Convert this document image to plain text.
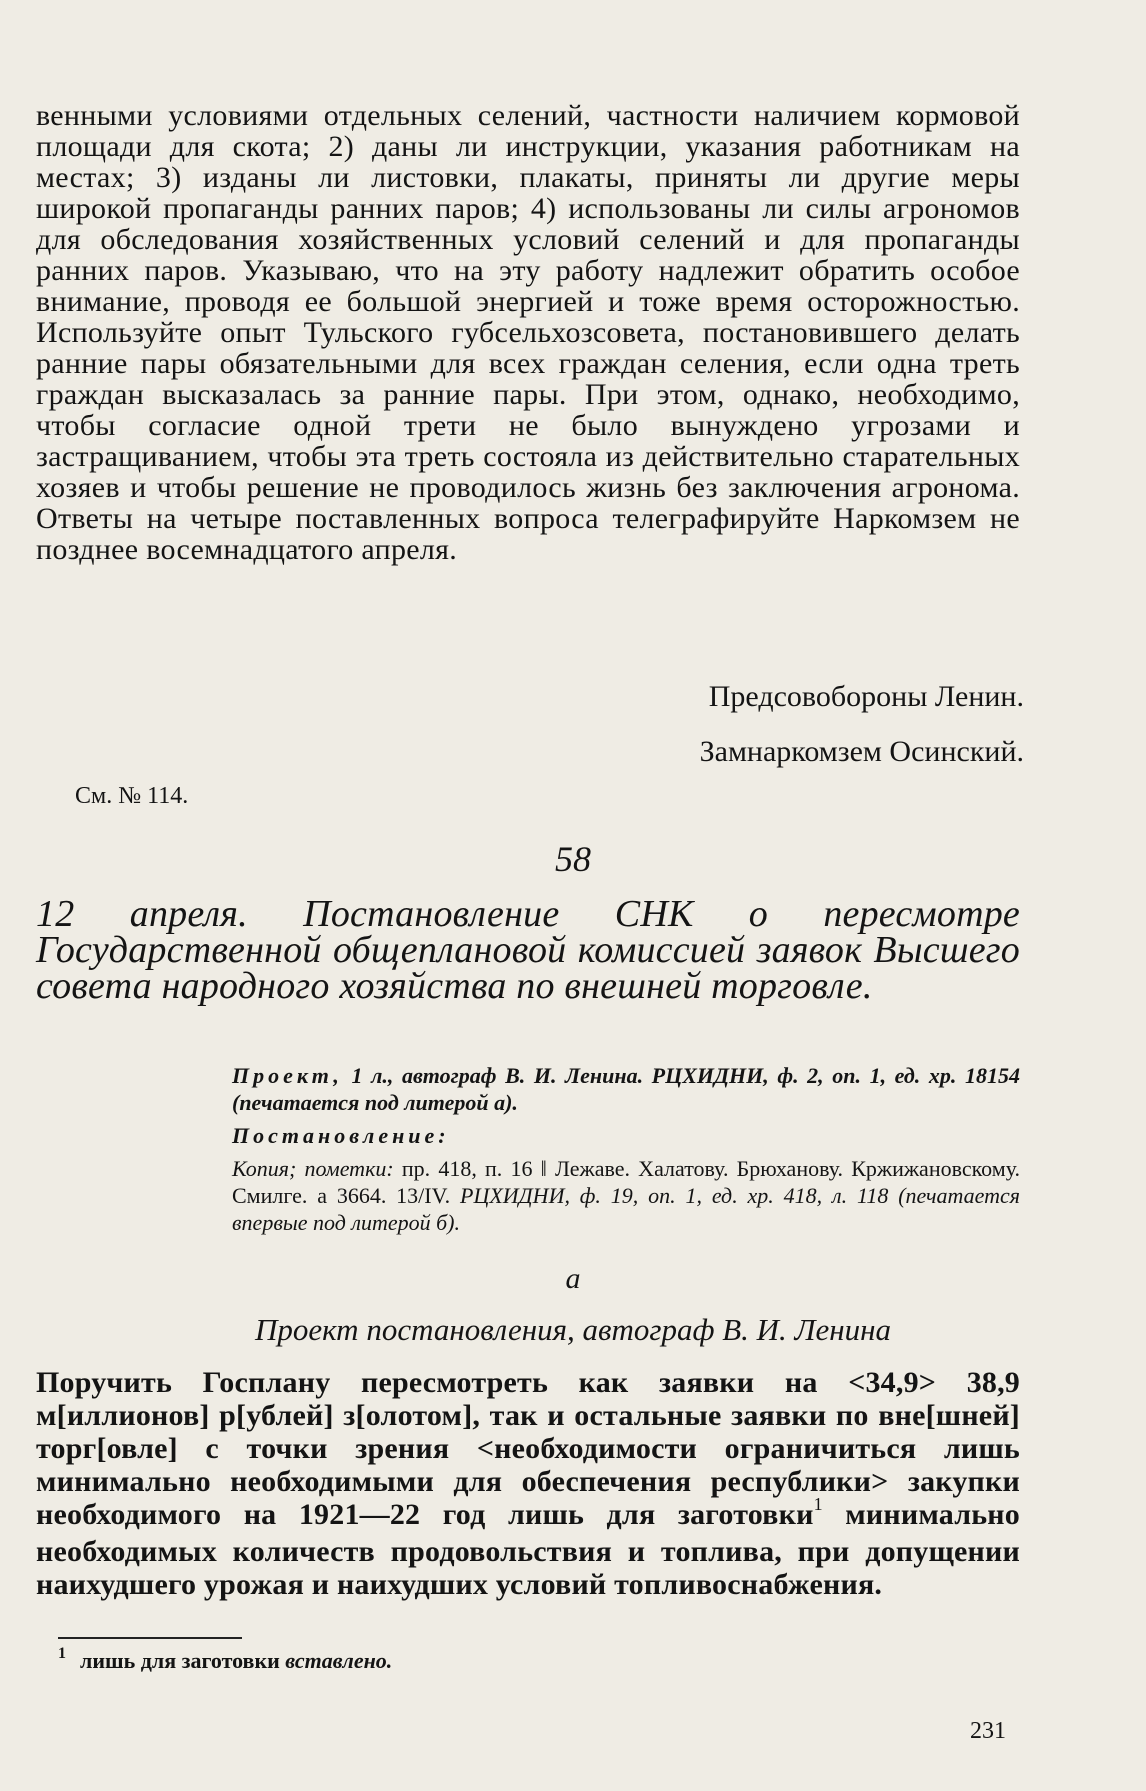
венными условиями отдельных селений, частности наличием кормовой площади для скота; 2) даны ли инструкции, указания работникам на местах; 3) изданы ли листовки, плакаты, приняты ли другие меры широкой пропаганды ранних паров; 4) использованы ли силы агрономов для обследования хозяйственных условий селений и для пропаганды ранних паров. Указываю, что на эту работу надлежит обратить особое внимание, проводя ее большой энергией и тоже время осторожностью. Используйте опыт Тульского губсельхозсовета, постановившего делать ранние пары обязательными для всех граждан селения, если одна треть граждан высказалась за ранние пары. При этом, однако, необходимо, чтобы согласие одной трети не было вынуждено угрозами и застращиванием, чтобы эта треть состояла из действительно старательных хозяев и чтобы решение не проводилось жизнь без заключения агронома. Ответы на четыре поставленных вопроса телеграфируйте Наркомзем не позднее восемнадцатого апреля.

Предсовобороны Ленин.

Замнаркомзем Осинский.

См. № 114.

58

12 апреля. Постановление СНК о пересмотре Государственной общеплановой комиссией заявок Высшего совета народного хозяйства по внешней торговле.

Проект, 1 л., автограф В. И. Ленина. РЦХИДНИ, ф. 2, оп. 1, ед. хр. 18154 (печатается под литерой а).

Постановление:

Копия; пометки: пр. 418, п. 16 ‖ Лежаве. Халатову. Брюханову. Кржижановскому. Смилге. а 3664. 13/IV. РЦХИДНИ, ф. 19, оп. 1, ед. хр. 418, л. 118 (печатается впервые под литерой б).

а

Проект постановления, автограф В. И. Ленина

Поручить Госплану пересмотреть как заявки на <34,9> 38,9 м[иллионов] р[ублей] з[олотом], так и остальные заявки по вне[шней] торг[овле] с точки зрения <необходимости ограничиться лишь минимально необходимыми для обеспечения республики> закупки необходимого на 1921—22 год лишь для заготовки$^1$ минимально необходимых количеств продовольствия и топлива, при допущении наихудшего урожая и наихудших условий топливоснабжения.

$^1$ лишь для заготовки вставлено.

231
